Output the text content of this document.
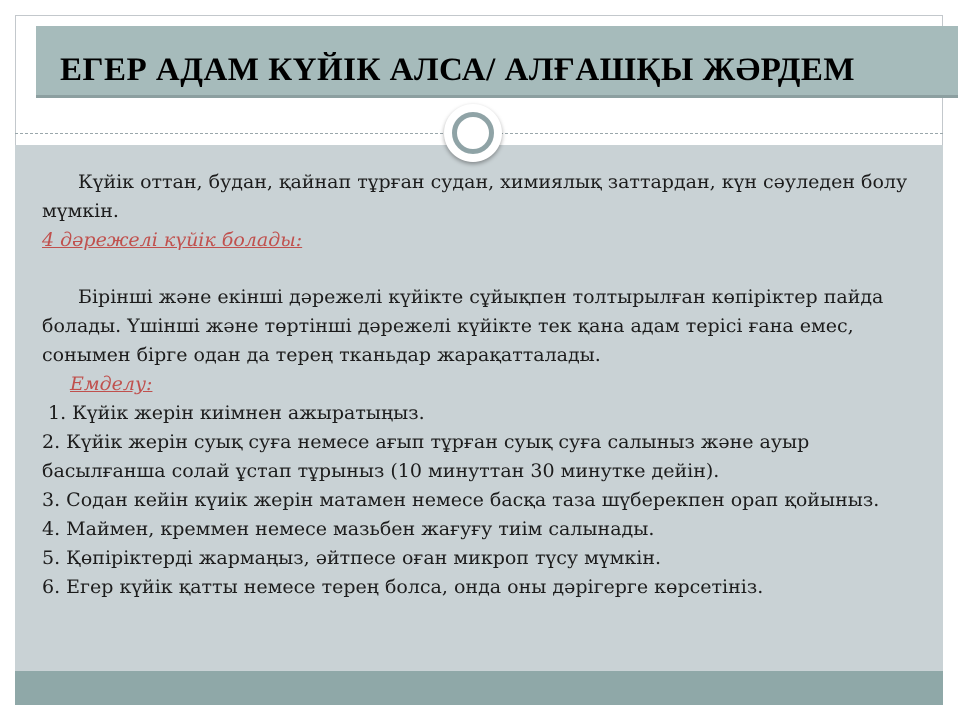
ЕГЕР АДАМ КҮЙІК АЛСА/ АЛҒАШҚЫ ЖӘРДЕМ

Күйік оттан, будан, қайнап тұрған судан, химиялық заттардан, күн сәуледен болу мүмкін.

4 дәрежелі күйік болады:

Бірінші және екінші дәрежелі күйікте сұйықпен толтырылған көпіріктер пайда болады. Үшінші және төртінші дәрежелі күйікте тек қана адам терісі ғана емес, сонымен бірге одан да терең тканьдар жарақатталады.

Емделу:

1. Күйік жерін киімнен ажыратыңыз.

2. Күйік жерін суық суға немесе ағып тұрған суық суға салыныз және ауыр басылғанша солай ұстап тұрыныз (10 минуттан 30 минутке дейін).

3. Содан кейін күиік жерін матамен немесе басқа таза шүберекпен орап қойыныз.

4. Маймен, креммен немесе мазьбен жағуғу тиім салынады.

5. Қөпіріктерді жармаңыз, әйтпесе оған микроп түсу мүмкін.

6. Егер күйік қатты немесе терең болса, онда оны дәрігерге көрсетініз.
